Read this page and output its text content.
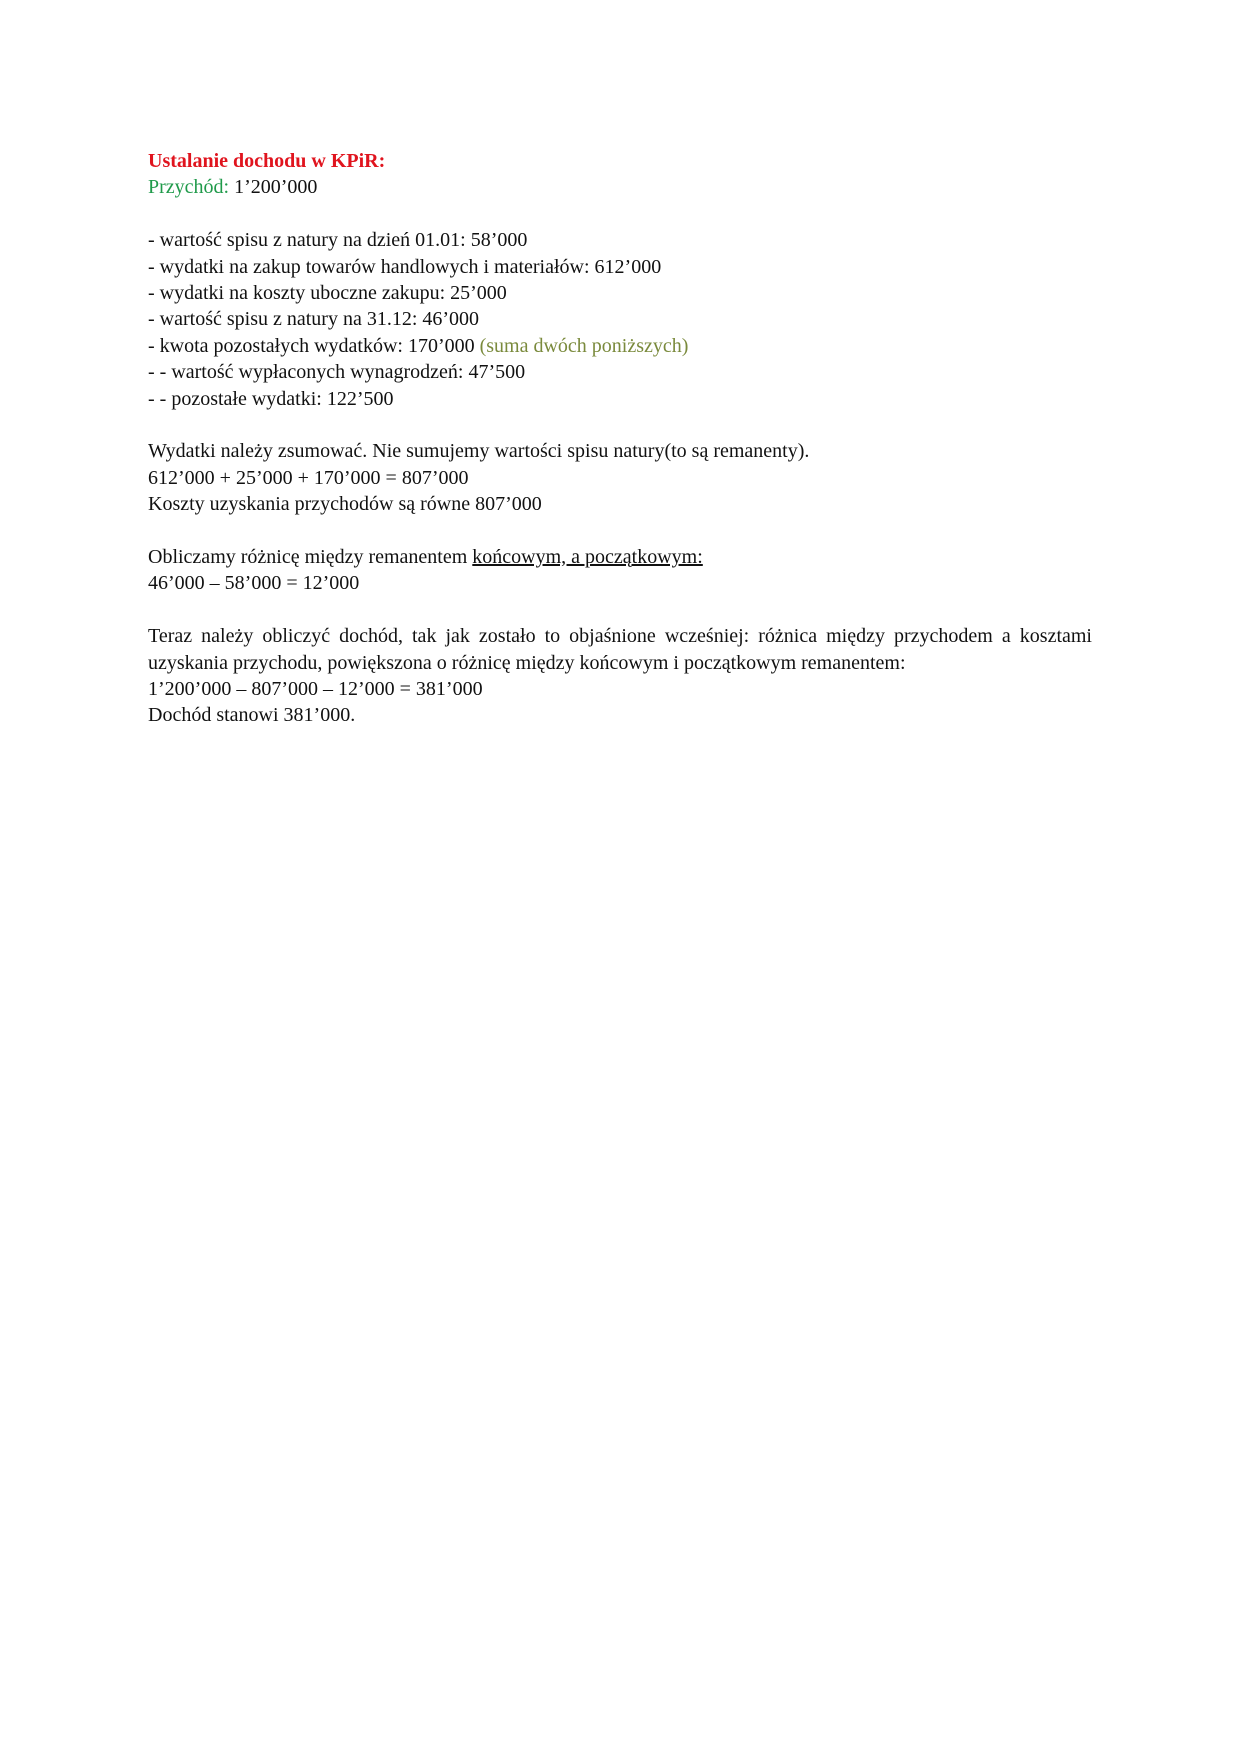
Ustalanie dochodu w KPiR:
Przychód: 1’200’000
- wartość spisu z natury na dzień 01.01: 58’000
- wydatki na zakup towarów handlowych i materiałów: 612’000
- wydatki na koszty uboczne zakupu: 25’000
- wartość spisu z natury na 31.12: 46’000
- kwota pozostałych wydatków: 170’000 (suma dwóch poniższych)
- - wartość wypłaconych wynagrodzeń: 47’500
- - pozostałe wydatki: 122’500
Wydatki należy zsumować. Nie sumujemy wartości spisu natury(to są remanenty).
612’000 + 25’000 + 170’000 = 807’000
Koszty uzyskania przychodów są równe 807’000
Obliczamy różnicę między remanentem końcowym, a początkowym:
46’000 – 58’000 = 12’000
Teraz należy obliczyć dochód, tak jak zostało to objaśnione wcześniej: różnica między przychodem a kosztami uzyskania przychodu, powiększona o różnicę między końcowym i początkowym remanentem:
1’200’000 – 807’000 – 12’000 = 381’000
Dochód stanowi 381’000.
